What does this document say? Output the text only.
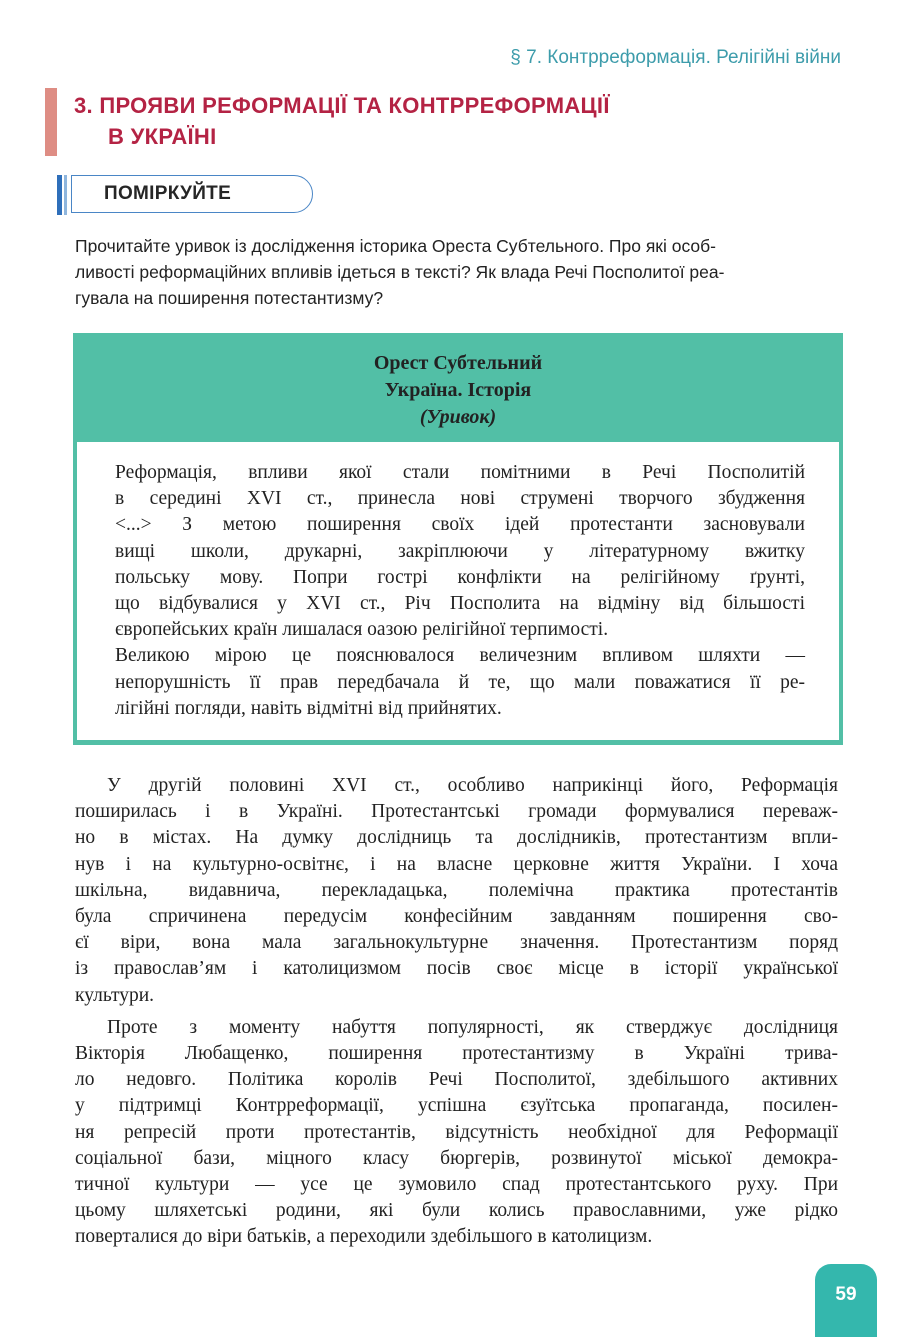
§ 7. Контрреформація. Релігійні війни
3. ПРОЯВИ РЕФОРМАЦІЇ ТА КОНТРРЕФОРМАЦІЇ
В УКРАЇНІ
ПОМІРКУЙТЕ
Прочитайте уривок із дослідження історика Ореста Субтельного. Про які особ-
ливості реформаційних впливів ідеться в тексті? Як влада Речі Посполитої реа-
гувала на поширення потестантизму?
Орест Субтельний
Україна. Історія
(Уривок)
Реформація, впливи якої стали помітними в Речі Посполитій
в середині XVI ст., принесла нові струмені творчого збудження
<...> З метою поширення своїх ідей протестанти засновували
вищі школи, друкарні, закріплюючи у літературному вжитку
польську мову. Попри гострі конфлікти на релігійному ґрунті,
що відбувалися у XVI ст., Річ Посполита на відміну від більшості
європейських країн лишалася оазою релігійної терпимості.
Великою мірою це пояснювалося величезним впливом шляхти —
непорушність її прав передбачала й те, що мали поважатися її ре-
лігійні погляди, навіть відмітні від прийнятих.
У другій половині XVI ст., особливо наприкінці його, Реформація
поширилась і в Україні. Протестантські громади формувалися переваж-
но в містах. На думку дослідниць та дослідників, протестантизм впли-
нув і на культурно-освітнє, і на власне церковне життя України. І хоча
шкільна, видавнича, перекладацька, полемічна практика протестантів
була спричинена передусім конфесійним завданням поширення сво-
єї віри, вона мала загальнокультурне значення. Протестантизм поряд
із православ’ям і католицизмом посів своє місце в історії української
культури.
Проте з моменту набуття популярності, як стверджує дослідниця
Вікторія Любащенко, поширення протестантизму в Україні трива-
ло недовго. Політика королів Речі Посполитої, здебільшого активних
у підтримці Контрреформації, успішна єзуїтська пропаганда, посилен-
ня репресій проти протестантів, відсутність необхідної для Реформації
соціальної бази, міцного класу бюргерів, розвинутої міської демокра-
тичної культури — усе це зумовило спад протестантського руху. При
цьому шляхетські родини, які були колись православними, уже рідко
поверталися до віри батьків, а переходили здебільшого в католицизм.
59
